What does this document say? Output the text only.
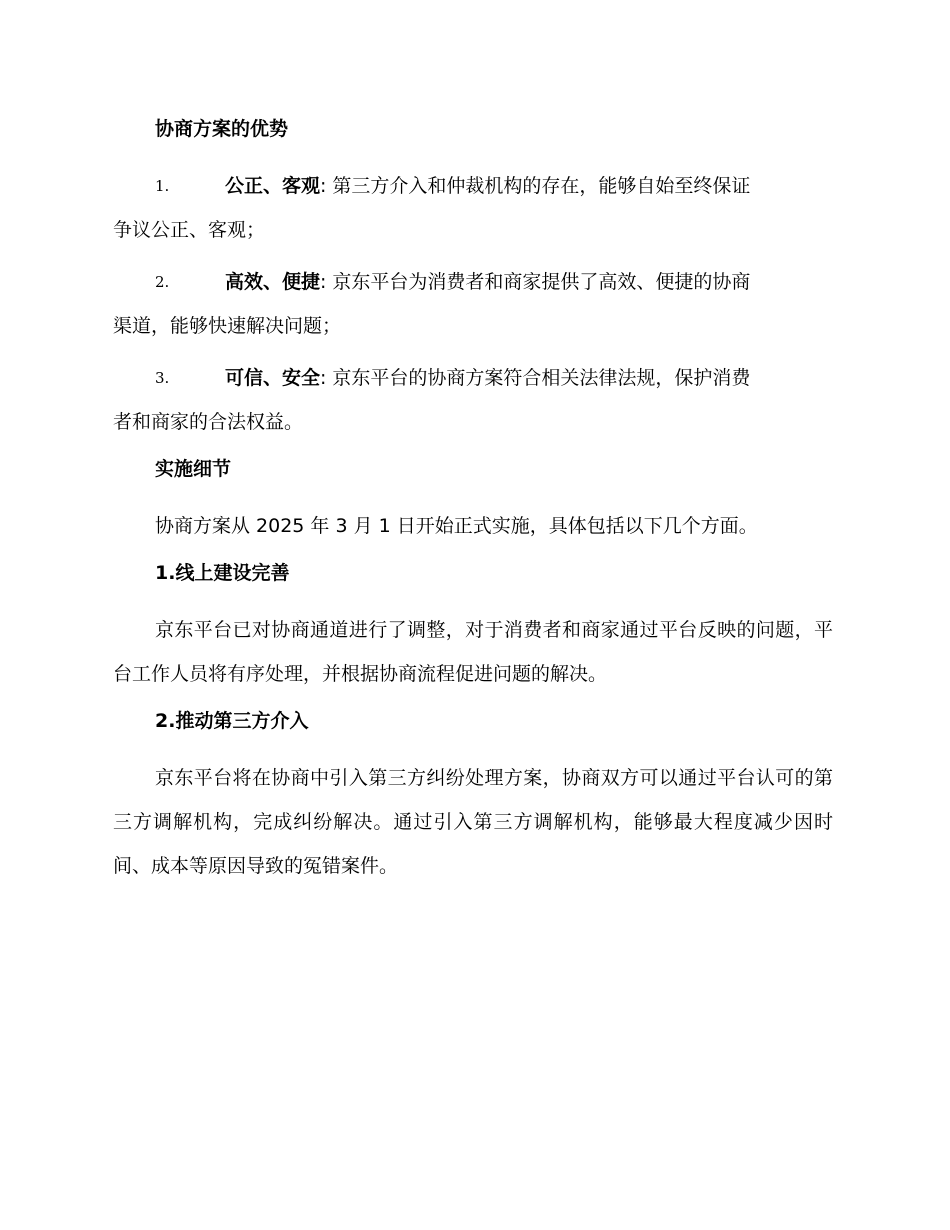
协商方案的优势
1.	公正、客观 : 第三方介入和仲裁机构的存在，能够自始至终保证
争议公正、客观；
2.	高效、便捷 : 京东平台为消费者和商家提供了高效、便捷的协商
渠道，能够快速解决问题；
3.	可信、安全 : 京东平台的协商方案符合相关法律法规，保护消费
者和商家的合法权益。
实施细节

协商方案从 2025 年 3 月 1 日开始正式实施，具体包括以下几个方面。

1.线上建设完善

京东平台已对协商通道进行了调整，对于消费者和商家通过平台反映的问题，平台工作人员将有序处理，并根据协商流程促进问题的解决。

2.推动第三方介入

京东平台将在协商中引入第三方纠纷处理方案，协商双方可以通过平台认可的第三方调解机构，完成纠纷解决。通过引入第三方调解机构，能够最大程度减少因时间、成本等原因导致的冤错案件。
